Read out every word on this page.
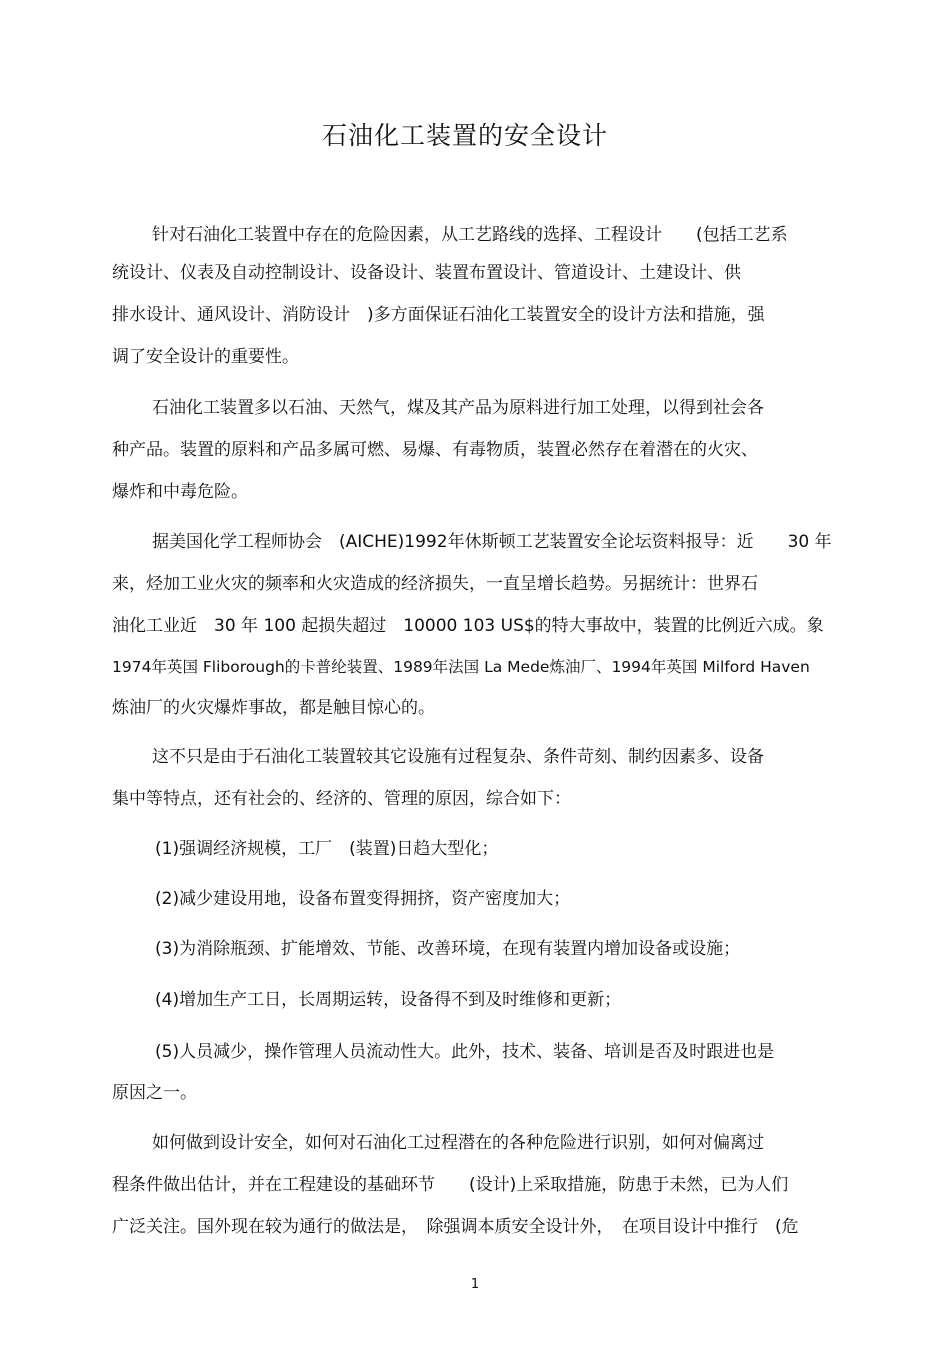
石油化工装置的安全设计
针对石油化工装置中存在的危险因素，从工艺路线的选择、工程设计　　(包括工艺系
统设计、仪表及自动控制设计、设备设计、装置布置设计、管道设计、土建设计、供
排水设计、通风设计、消防设计　)多方面保证石油化工装置安全的设计方法和措施，强
调了安全设计的重要性。
石油化工装置多以石油、天然气，煤及其产品为原料进行加工处理，以得到社会各
种产品。装置的原料和产品多属可燃、易爆、有毒物质，装置必然存在着潜在的火灾、
爆炸和中毒危险。
据美国化学工程师协会　(AICHE)1992年休斯顿工艺装置安全论坛资料报导：近　　30 年
来，烃加工业火灾的频率和火灾造成的经济损失，一直呈增长趋势。另据统计：世界石
油化工业近　30 年 100 起损失超过　10000 103 US$的特大事故中，装置的比例近六成。象
1974年英国 Fliborough的卡普纶装置、1989年法国 La Mede炼油厂、1994年英国 Milford Haven
炼油厂的火灾爆炸事故，都是触目惊心的。
这不只是由于石油化工装置较其它设施有过程复杂、条件苛刻、制约因素多、设备
集中等特点，还有社会的、经济的、管理的原因，综合如下：
(1)强调经济规模，工厂　(装置)日趋大型化；
(2)减少建设用地，设备布置变得拥挤，资产密度加大；
(3)为消除瓶颈、扩能增效、节能、改善环境，在现有装置内增加设备或设施；
(4)增加生产工日，长周期运转，设备得不到及时维修和更新；
(5)人员减少，操作管理人员流动性大。此外，技术、装备、培训是否及时跟进也是
原因之一。
如何做到设计安全，如何对石油化工过程潜在的各种危险进行识别，如何对偏离过
程条件做出估计，并在工程建设的基础环节　　(设计)上采取措施，防患于未然，已为人们
广泛关注。国外现在较为通行的做法是，　除强调本质安全设计外，　在项目设计中推行　(危
1
